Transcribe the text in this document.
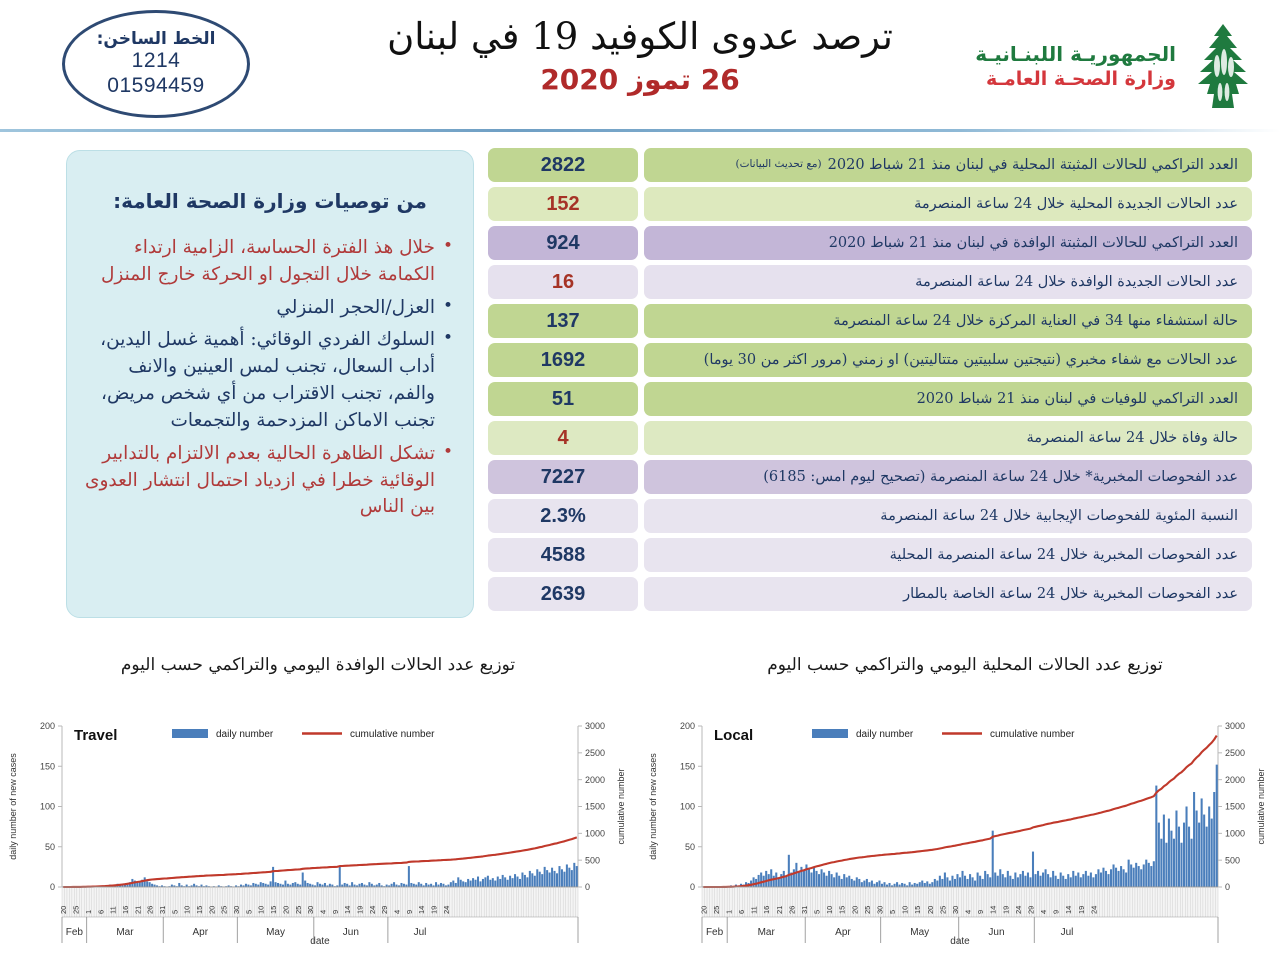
الخط الساخن:
1214
01594459
ترصد عدوى الكوفيد 19 في لبنان
26 تموز 2020
الجمهوريـة اللبنـانيـة
وزارة الصحـة العامـة
من توصيات وزارة الصحة العامة:
• خلال هذ الفترة الحساسة، الزامية ارتداء الكمامة خلال التجول او الحركة خارج المنزل
• العزل/الحجر المنزلي
• السلوك الفردي الوقائي: أهمية غسل اليدين، أداب السعال، تجنب لمس العينين والانف والفم، تجنب الاقتراب من أي شخص مريض، تجنب الاماكن المزدحمة والتجمعات
• تشكل الظاهرة الحالية بعدم الالتزام بالتدابير الوقائية خطرا في ازدياد احتمال انتشار العدوى بين الناس
العدد التراكمي للحالات المثبتة المحلية في لبنان منذ 21 شباط 2020
(مع تحديث البيانات)
2822
عدد الحالات الجديدة المحلية خلال 24 ساعة المنصرمة
152
العدد التراكمي للحالات المثبتة الوافدة في لبنان منذ 21 شباط 2020
924
عدد الحالات الجديدة الوافدة خلال 24 ساعة المنصرمة
16
حالة استشفاء منها 34 في العناية المركزة خلال 24 ساعة المنصرمة
137
عدد الحالات مع شفاء مخبري (نتيجتين سلبيتين متتاليتين) او زمني (مرور اكثر من 30 يوما)
1692
العدد التراكمي للوفيات في لبنان منذ 21 شباط 2020
51
حالة وفاة خلال 24 ساعة المنصرمة
4
عدد الفحوصات المخبرية* خلال 24 ساعة المنصرمة (تصحيح ليوم امس: 6185)
7227
النسبة المئوية للفحوصات الإيجابية خلال 24 ساعة المنصرمة
2.3%
عدد الفحوصات المخبرية خلال 24 ساعة المنصرمة المحلية
4588
عدد الفحوصات المخبرية خلال 24 ساعة الخاصة بالمطار
2639
توزيع عدد الحالات الوافدة اليومي والتراكمي حسب اليوم	توزيع عدد الحالات المحلية اليومي والتراكمي حسب اليوم
0
50
100
150
200
0
500
1000
1500
2000
2500
3000
daily number of new cases	cumulative number
date
20 25 1 6 11 16 21 26 31 5 10 15 20 25 30 5 10 15 20 25 30 4 9 14 19 24 29 4 9 14 19 24
Feb	Mar	Apr	May	Jun	Jul
Travel	daily number	cumulative number
0
50
100
150
200
0
500
1000
1500
2000
2500
3000
daily number of new cases	cumulative number
date
20 25 1 6 11 16 21 26 31 5 10 15 20 25 30 5 10 15 20 25 30 4 9 14 19 24 29 4 9 14 19 24
Feb	Mar	Apr	May	Jun	Jul
Local	daily number	cumulative number
